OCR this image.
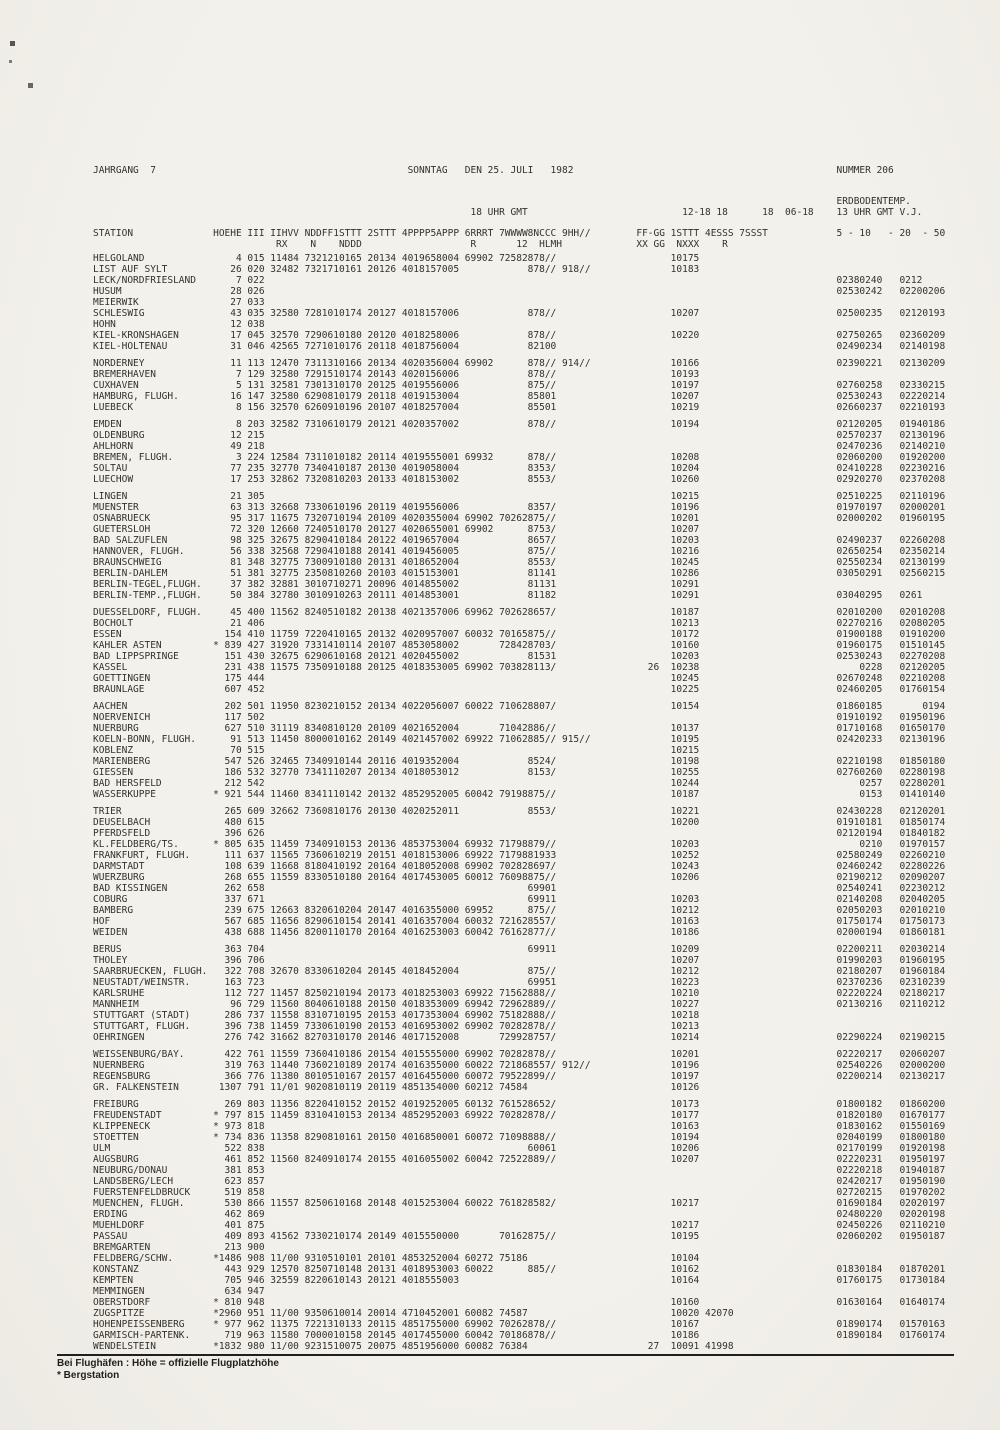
JAHRGANG  7                                            SONNTAG   DEN 25. JULI   1982                                              NUMMER 206
ERDBODENTEMP.
18 UHR GMT                           12-18 18      18  06-18    13 UHR GMT V.J.
STATION              HOEHE III IIHVV NDDFF1STTT 2STTT 4PPPP5APPP 6RRRT 7WWWW8NCCC 9HH//        FF-GG 1STTT 4ESSS 7SSST            5 - 10   - 20  - 50
RX    N    NDDD                   R       12  HLMH             XX GG  NXXX    R
HELGOLAND                4 015 11484 7321210165 20134 4019658004 69902 72582878//                    10175
LIST AUF SYLT           26 020 32482 7321710161 20126 4018157005            878// 918//              10183
LECK/NORDFRIESLAND       7 022                                                                                                    02380240   0212
HUSUM                   28 026                                                                                                    02530242   02200206
MEIERWIK                27 033
SCHLESWIG               43 035 32580 7281010174 20127 4018157006            878//                    10207                        02500235   02120193
HOHN                    12 038
KIEL-KRONSHAGEN         17 045 32570 7290610180 20120 4018258006            878//                    10220                        02750265   02360209
KIEL-HOLTENAU           31 046 42565 7271010176 20118 4018756004            82100                                                 02490234   02140198
NORDERNEY               11 113 12470 7311310166 20134 4020356004 69902      878// 914//              10166                        02390221   02130209
BREMERHAVEN              7 129 32580 7291510174 20143 4020156006            878//                    10193
CUXHAVEN                 5 131 32581 7301310170 20125 4019556006            875//                    10197                        02760258   02330215
HAMBURG, FLUGH.         16 147 32580 6290810179 20118 4019153004            85801                    10207                        02530243   02220214
LUEBECK                  8 156 32570 6260910196 20107 4018257004            85501                    10219                        02660237   02210193
EMDEN                    8 203 32582 7310610179 20121 4020357002            878//                    10194                        02120205   01940186
OLDENBURG               12 215                                                                                                    02570237   02130196
AHLHORN                 49 218                                                                                                    02470236   02140210
BREMEN, FLUGH.           3 224 12584 7311010182 20114 4019555001 69932      878//                    10208                        02060200   01920200
SOLTAU                  77 235 32770 7340410187 20130 4019058004            8353/                    10204                        02410228   02230216
LUECHOW                 17 253 32862 7320810203 20133 4018153002            8553/                    10260                        02920270   02370208
LINGEN                  21 305                                                                       10215                        02510225   02110196
MUENSTER                63 313 32668 7330610196 20119 4019556006            8357/                    10196                        01970197   02000201
OSNABRUECK              95 317 11675 7320710194 20109 4020355004 69902 70262875//                    10201                        02000202   01960195
GUETERSLOH              72 320 12660 7240510170 20127 4020655001 69902      8753/                    10207
BAD SALZUFLEN           98 325 32675 8290410184 20122 4019657004            8657/                    10203                        02490237   02260208
HANNOVER, FLUGH.        56 338 32568 7290410188 20141 4019456005            875//                    10216                        02650254   02350214
BRAUNSCHWEIG            81 348 32775 7300910180 20131 4018652004            8553/                    10245                        02550234   02130199
BERLIN-DAHLEM           51 381 32775 2350810260 20103 4015153001            81141                    10286                        03050291   02560215
BERLIN-TEGEL,FLUGH.     37 382 32881 3010710271 20096 4014855002            81131                    10291
BERLIN-TEMP.,FLUGH.     50 384 32780 3010910263 20111 4014853001            81182                    10291                        03040295   0261
DUESSELDORF, FLUGH.     45 400 11562 8240510182 20138 4021357006 69962 702628657/                    10187                        02010200   02010208
BOCHOLT                 21 406                                                                       10213                        02270216   02080205
ESSEN                  154 410 11759 7220410165 20132 4020957007 60032 70165875//                    10172                        01900188   01910200
KAHLER ASTEN         * 839 427 31920 7331410114 20107 4853058002       728428703/                    10160                        01960175   01510145
BAD LIPPSPRINGE        151 430 32675 6290610168 20121 4020455002            81531                    10203                        02530243   02270208
KASSEL                 231 438 11575 7350910188 20125 4018353005 69902 703828113/                26  10238                            0228   02120205
GOETTINGEN             175 444                                                                       10245                        02670248   02210208
BRAUNLAGE              607 452                                                                       10225                        02460205   01760154
AACHEN                 202 501 11950 8230210152 20134 4022056007 60022 710628807/                    10154                        01860185       0194
NOERVENICH             117 502                                                                                                    01910192   01950196
NUERBURG               627 510 31119 8340810120 20109 4021652004       71042886//                    10137                        01710168   01650170
KOELN-BONN, FLUGH.      91 513 11450 8000010162 20149 4021457002 69922 71062885// 915//              10195                        02420233   02130196
KOBLENZ                 70 515                                                                       10215
MARIENBERG             547 526 32465 7340910144 20116 4019352004            8524/                    10198                        02210198   01850180
GIESSEN                186 532 32770 7341110207 20134 4018053012            8153/                    10255                        02760260   02280198
BAD HERSFELD           212 542                                                                       10244                            0257   02280201
WASSERKUPPE          * 921 544 11460 8341110142 20132 4852952005 60042 79198875//                    10187                            0153   01410140
TRIER                  265 609 32662 7360810176 20130 4020252011            8553/                    10221                        02430228   02120201
DEUSELBACH             480 615                                                                       10200                        01910181   01850174
PFERDSFELD             396 626                                                                                                    02120194   01840182
KL.FELDBERG/TS.      * 805 635 11459 7340910153 20136 4853753004 69932 71798879//                    10203                            0210   01970157
FRANKFURT, FLUGH.      111 637 11565 7360610219 20151 4018153006 69922 7179881933                    10252                        02580249   02260210
DARMSTADT              108 639 11668 8180410192 20164 4018052008 69902 702828697/                    10243                        02460242   02280226
WUERZBURG              268 655 11559 8330510180 20164 4017453005 60012 76098875//                    10206                        02190212   02090207
BAD KISSINGEN          262 658                                              69901                                                 02540241   02230212
COBURG                 337 671                                              69911                    10203                        02140208   02040205
BAMBERG                239 675 12663 8320610204 20147 4016355000 69952      875//                    10212                        02050203   02010210
HOF                    567 685 11656 8290610154 20141 4016357004 60032 721628557/                    10163                        01750174   01750173
WEIDEN                 438 688 11456 8200110170 20164 4016253003 60042 76162877//                    10186                        02000194   01860181
BERUS                  363 704                                              69911                    10209                        02200211   02030214
THOLEY                 396 706                                                                       10207                        01990203   01960195
SAARBRUECKEN, FLUGH.   322 708 32670 8330610204 20145 4018452004            875//                    10212                        02180207   01960184
NEUSTADT/WEINSTR.      163 723                                              69951                    10223                        02370236   02310239
KARLSRUHE              112 727 11457 8250210194 20173 4018253003 69922 71562888//                    10210                        02220224   02180217
MANNHEIM                96 729 11560 8040610188 20150 4018353009 69942 72962889//                    10227                        02130216   02110212
STUTTGART (STADT)      286 737 11558 8310710195 20153 4017353004 69902 75182888//                    10218
STUTTGART, FLUGH.      396 738 11459 7330610190 20153 4016953002 69902 70282878//                    10213
OEHRINGEN              276 742 31662 8270310170 20146 4017152008       729928757/                    10214                        02290224   02190215
WEISSENBURG/BAY.       422 761 11559 7360410186 20154 4015555000 69902 70282878//                    10201                        02220217   02060207
NUERNBERG              319 763 11440 7360210189 20174 4016355000 60022 721868557/ 912//              10196                        02540226   02000200
REGENSBURG             366 776 11380 8010510167 20157 4016455000 60072 79522899//                    10197                        02200214   02130217
GR. FALKENSTEIN       1307 791 11/01 9020810119 20119 4851354000 60212 74584                         10126
FREIBURG               269 803 11356 8220410152 20152 4019252005 60132 761528652/                    10173                        01800182   01860200
FREUDENSTADT         * 797 815 11459 8310410153 20134 4852952003 69922 70282878//                    10177                        01820180   01670177
KLIPPENECK           * 973 818                                                                       10163                        01830162   01550169
STOETTEN             * 734 836 11358 8290810161 20150 4016850001 60072 71098888//                    10194                        02040199   01800180
ULM                    522 838                                              60061                    10206                        02170199   01920198
AUGSBURG               461 852 11560 8240910174 20155 4016055002 60042 72522889//                    10207                        02220231   01950197
NEUBURG/DONAU          381 853                                                                                                    02220218   01940187
LANDSBERG/LECH         623 857                                                                                                    02420217   01950190
FUERSTENFELDBRUCK      519 858                                                                                                    02720215   01970202
MUENCHEN, FLUGH.       530 866 11557 8250610168 20148 4015253004 60022 761828582/                    10217                        01690184   02020197
ERDING                 462 869                                                                                                    02480220   02020198
MUEHLDORF              401 875                                                                       10217                        02450226   02110210
PASSAU                 409 893 41562 7330210174 20149 4015550000       70162875//                    10195                        02060202   01950187
BREMGARTEN             213 900
FELDBERG/SCHW.       *1486 908 11/00 9310510101 20101 4853252004 60272 75186                         10104
KONSTANZ               443 929 12570 8250710148 20131 4018953003 60022      885//                    10162                        01830184   01870201
KEMPTEN                705 946 32559 8220610143 20121 4018555003                                     10164                        01760175   01730184
MEMMINGEN              634 947
OBERSTDORF           * 810 948                                                                       10160                        01630164   01640174
ZUGSPITZE            *2960 951 11/00 9350610014 20014 4710452001 60082 74587                         10020 42070
HOHENPEISSENBERG     * 977 962 11375 7221310133 20115 4851755000 69902 70262878//                    10167                        01890174   01570163
GARMISCH-PARTENK.      719 963 11580 7000010158 20145 4017455000 60042 70186878//                    10186                        01890184   01760174
WENDELSTEIN          *1832 980 11/00 9231510075 20075 4851956000 60082 76384                     27  10091 41998
Bei Flughäfen : Höhe = offizielle Flugplatzhöhe
* Bergstation
